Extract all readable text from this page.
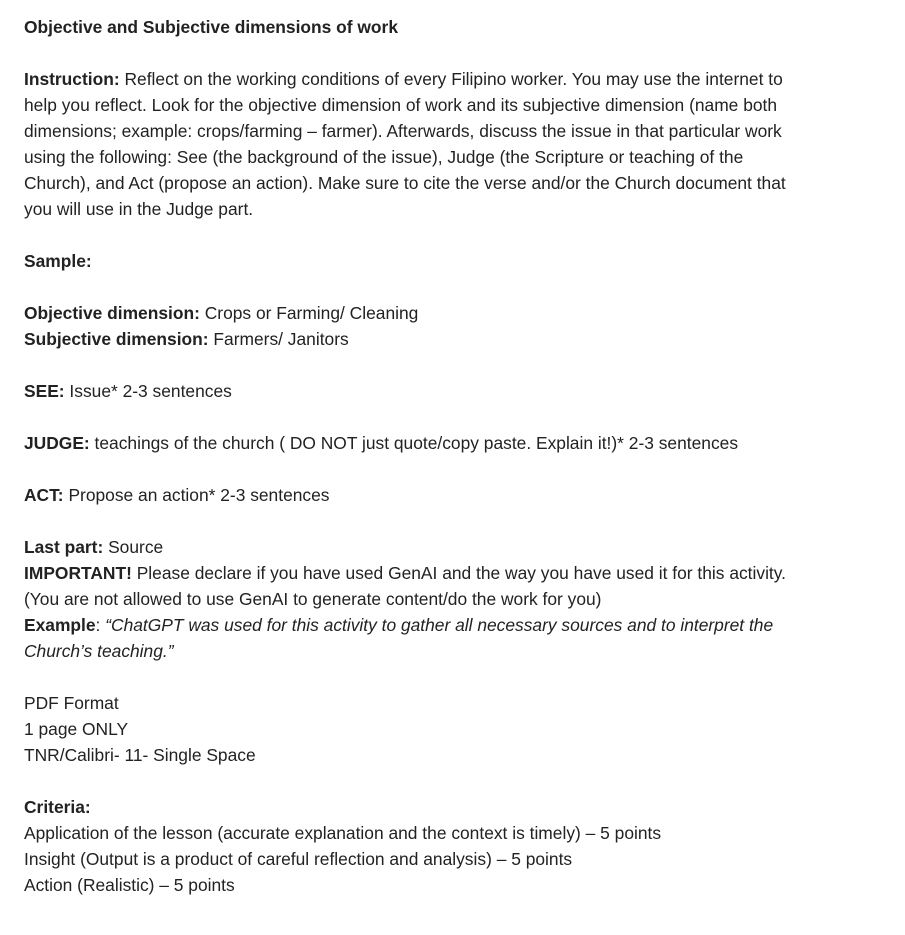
Objective and Subjective dimensions of work

Instruction: Reflect on the working conditions of every Filipino worker. You may use the internet to

help you reflect. Look for the objective dimension of work and its subjective dimension (name both

dimensions; example: crops/farming – farmer). Afterwards, discuss the issue in that particular work

using the following: See (the background of the issue), Judge (the Scripture or teaching of the

Church), and Act (propose an action). Make sure to cite the verse and/or the Church document that

you will use in the Judge part.

Sample:

Objective dimension: Crops or Farming/ Cleaning

Subjective dimension: Farmers/ Janitors

SEE: Issue* 2-3 sentences

JUDGE: teachings of the church ( DO NOT just quote/copy paste. Explain it!)* 2-3 sentences

ACT: Propose an action* 2-3 sentences

Last part: Source

IMPORTANT! Please declare if you have used GenAI and the way you have used it for this activity.

(You are not allowed to use GenAI to generate content/do the work for you)

Example: “ChatGPT was used for this activity to gather all necessary sources and to interpret the

Church’s teaching.”

PDF Format

1 page ONLY

TNR/Calibri- 11- Single Space

Criteria:

Application of the lesson (accurate explanation and the context is timely) – 5 points

Insight (Output is a product of careful reflection and analysis) – 5 points

Action (Realistic) – 5 points
